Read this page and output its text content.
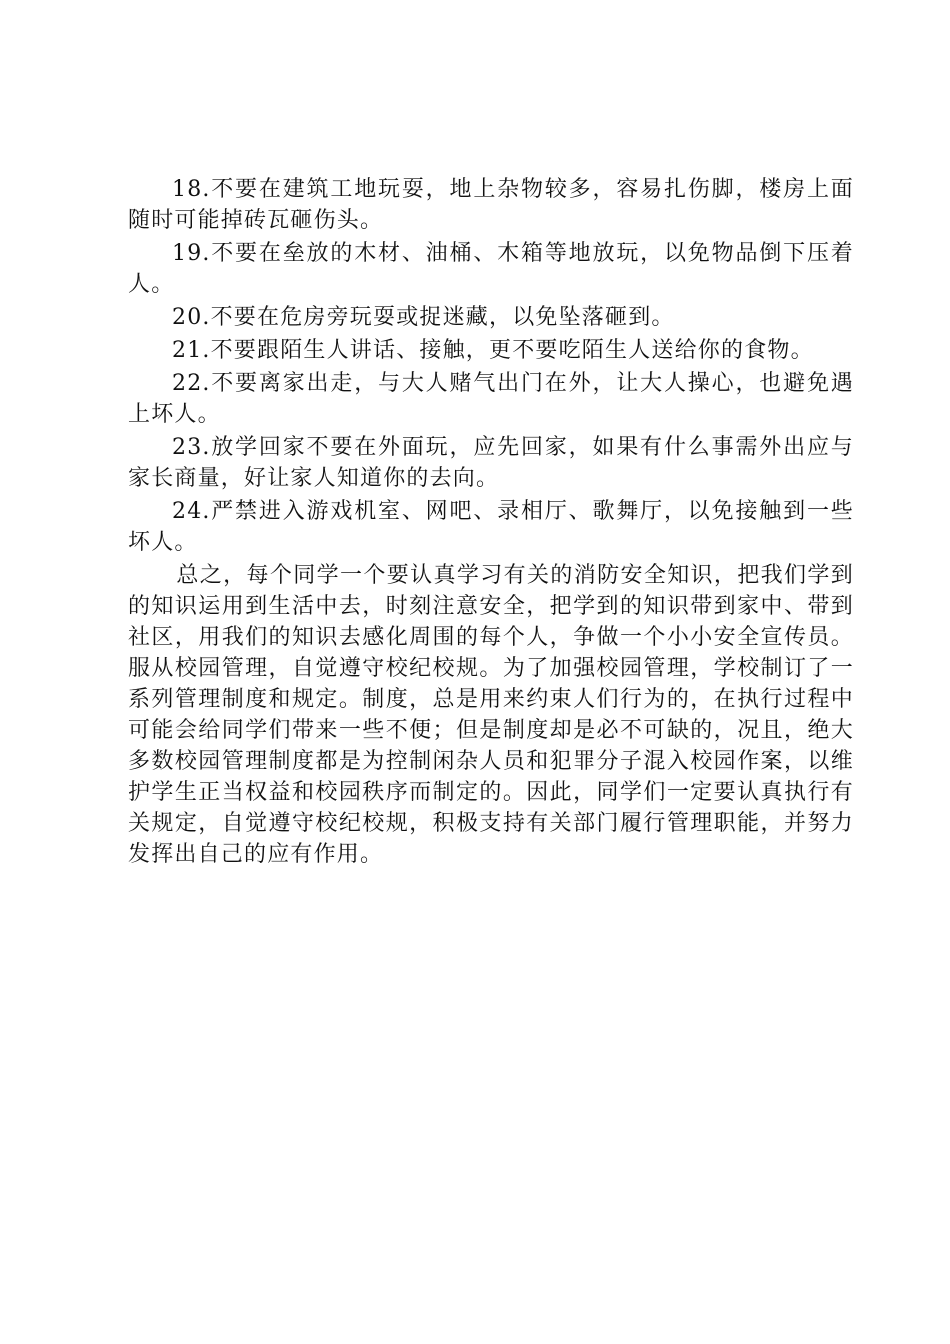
18.不要在建筑工地玩耍，地上杂物较多，容易扎伤脚，楼房上面随时可能掉砖瓦砸伤头。

19.不要在垒放的木材、油桶、木箱等地放玩，以免物品倒下压着人。

20.不要在危房旁玩耍或捉迷藏，以免坠落砸到。

21.不要跟陌生人讲话、接触，更不要吃陌生人送给你的食物。

22.不要离家出走，与大人赌气出门在外，让大人操心，也避免遇上坏人。

23.放学回家不要在外面玩，应先回家，如果有什么事需外出应与家长商量，好让家人知道你的去向。

24.严禁进入游戏机室、网吧、录相厅、歌舞厅，以免接触到一些坏人。

总之，每个同学一个要认真学习有关的消防安全知识，把我们学到的知识运用到生活中去，时刻注意安全，把学到的知识带到家中、带到社区，用我们的知识去感化周围的每个人，争做一个小小安全宣传员。服从校园管理，自觉遵守校纪校规。为了加强校园管理，学校制订了一系列管理制度和规定。制度，总是用来约束人们行为的，在执行过程中可能会给同学们带来一些不便；但是制度却是必不可缺的，况且，绝大多数校园管理制度都是为控制闲杂人员和犯罪分子混入校园作案，以维护学生正当权益和校园秩序而制定的。因此，同学们一定要认真执行有关规定，自觉遵守校纪校规，积极支持有关部门履行管理职能，并努力发挥出自己的应有作用。
